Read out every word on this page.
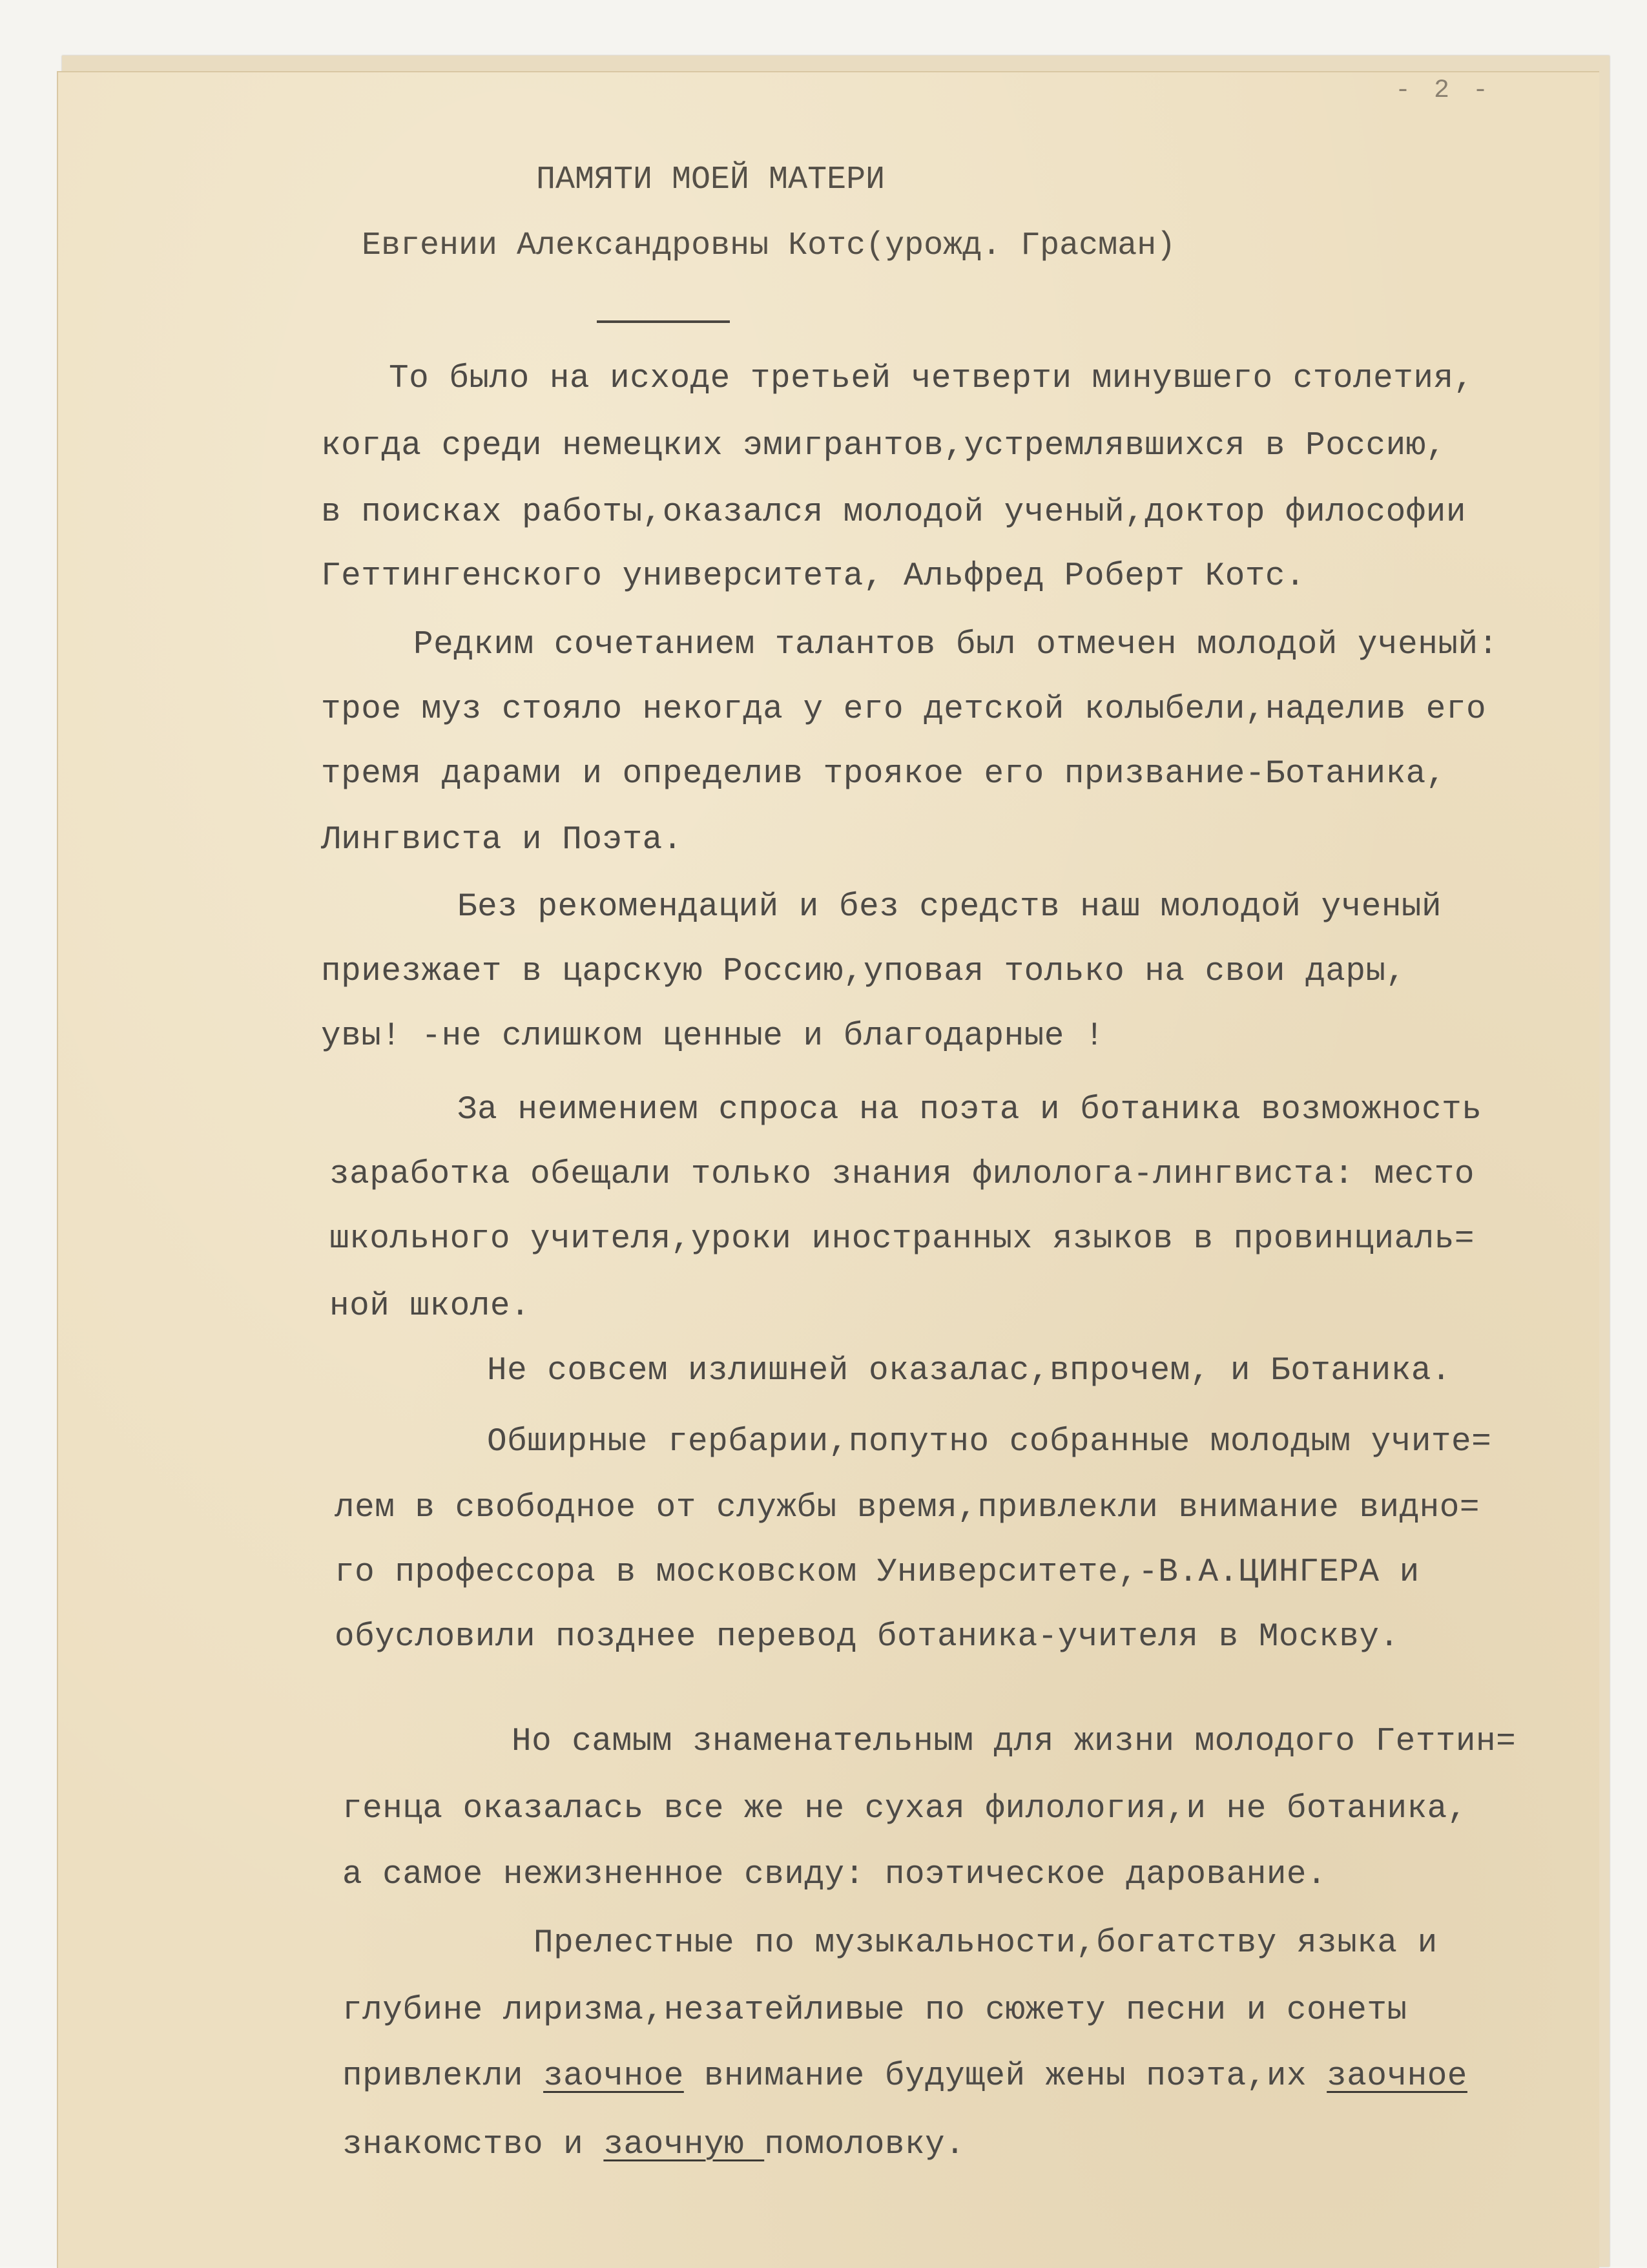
- 2 -
ПАМЯТИ МОЕЙ МАТЕРИ
Евгении Александровны Котс(урожд. Грасман)
То было на исходе третьей четверти минувшего столетия,
когда среди немецких эмигрантов,устремлявшихся в Россию,
в поисках работы,оказался молодой ученый,доктор философии
Геттингенского университета, Альфред Роберт Котс.
Редким сочетанием талантов был отмечен молодой ученый:
трое муз стояло некогда у его детской колыбели,наделив его
тремя дарами и определив троякое его призвание-Ботаника,
Лингвиста и Поэта.
Без рекомендаций и без средств наш молодой ученый
приезжает в царскую Россию,уповая только на свои дары,
увы! -не слишком ценные и благодарные !
За неимением спроса на поэта и ботаника возможность
заработка обещали только знания филолога-лингвиста: место
школьного учителя,уроки иностранных языков в провинциаль=
ной школе.
Не совсем излишней оказалас,впрочем, и Ботаника.
Обширные гербарии,попутно собранные молодым учите=
лем в свободное от службы время,привлекли внимание видно=
го профессора в московском Университете,-В.А.ЦИНГЕРА и
обусловили позднее перевод ботаника-учителя в Москву.
Но самым знаменательным для жизни молодого Геттин=
генца оказалась все же не сухая филология,и не ботаника,
а самое нежизненное свиду: поэтическое дарование.
Прелестные по музыкальности,богатству языка и
глубине лиризма,незатейливые по сюжету песни и сонеты
привлекли заочное внимание будущей жены поэта,их заочное
знакомство и заочную помоловку.
